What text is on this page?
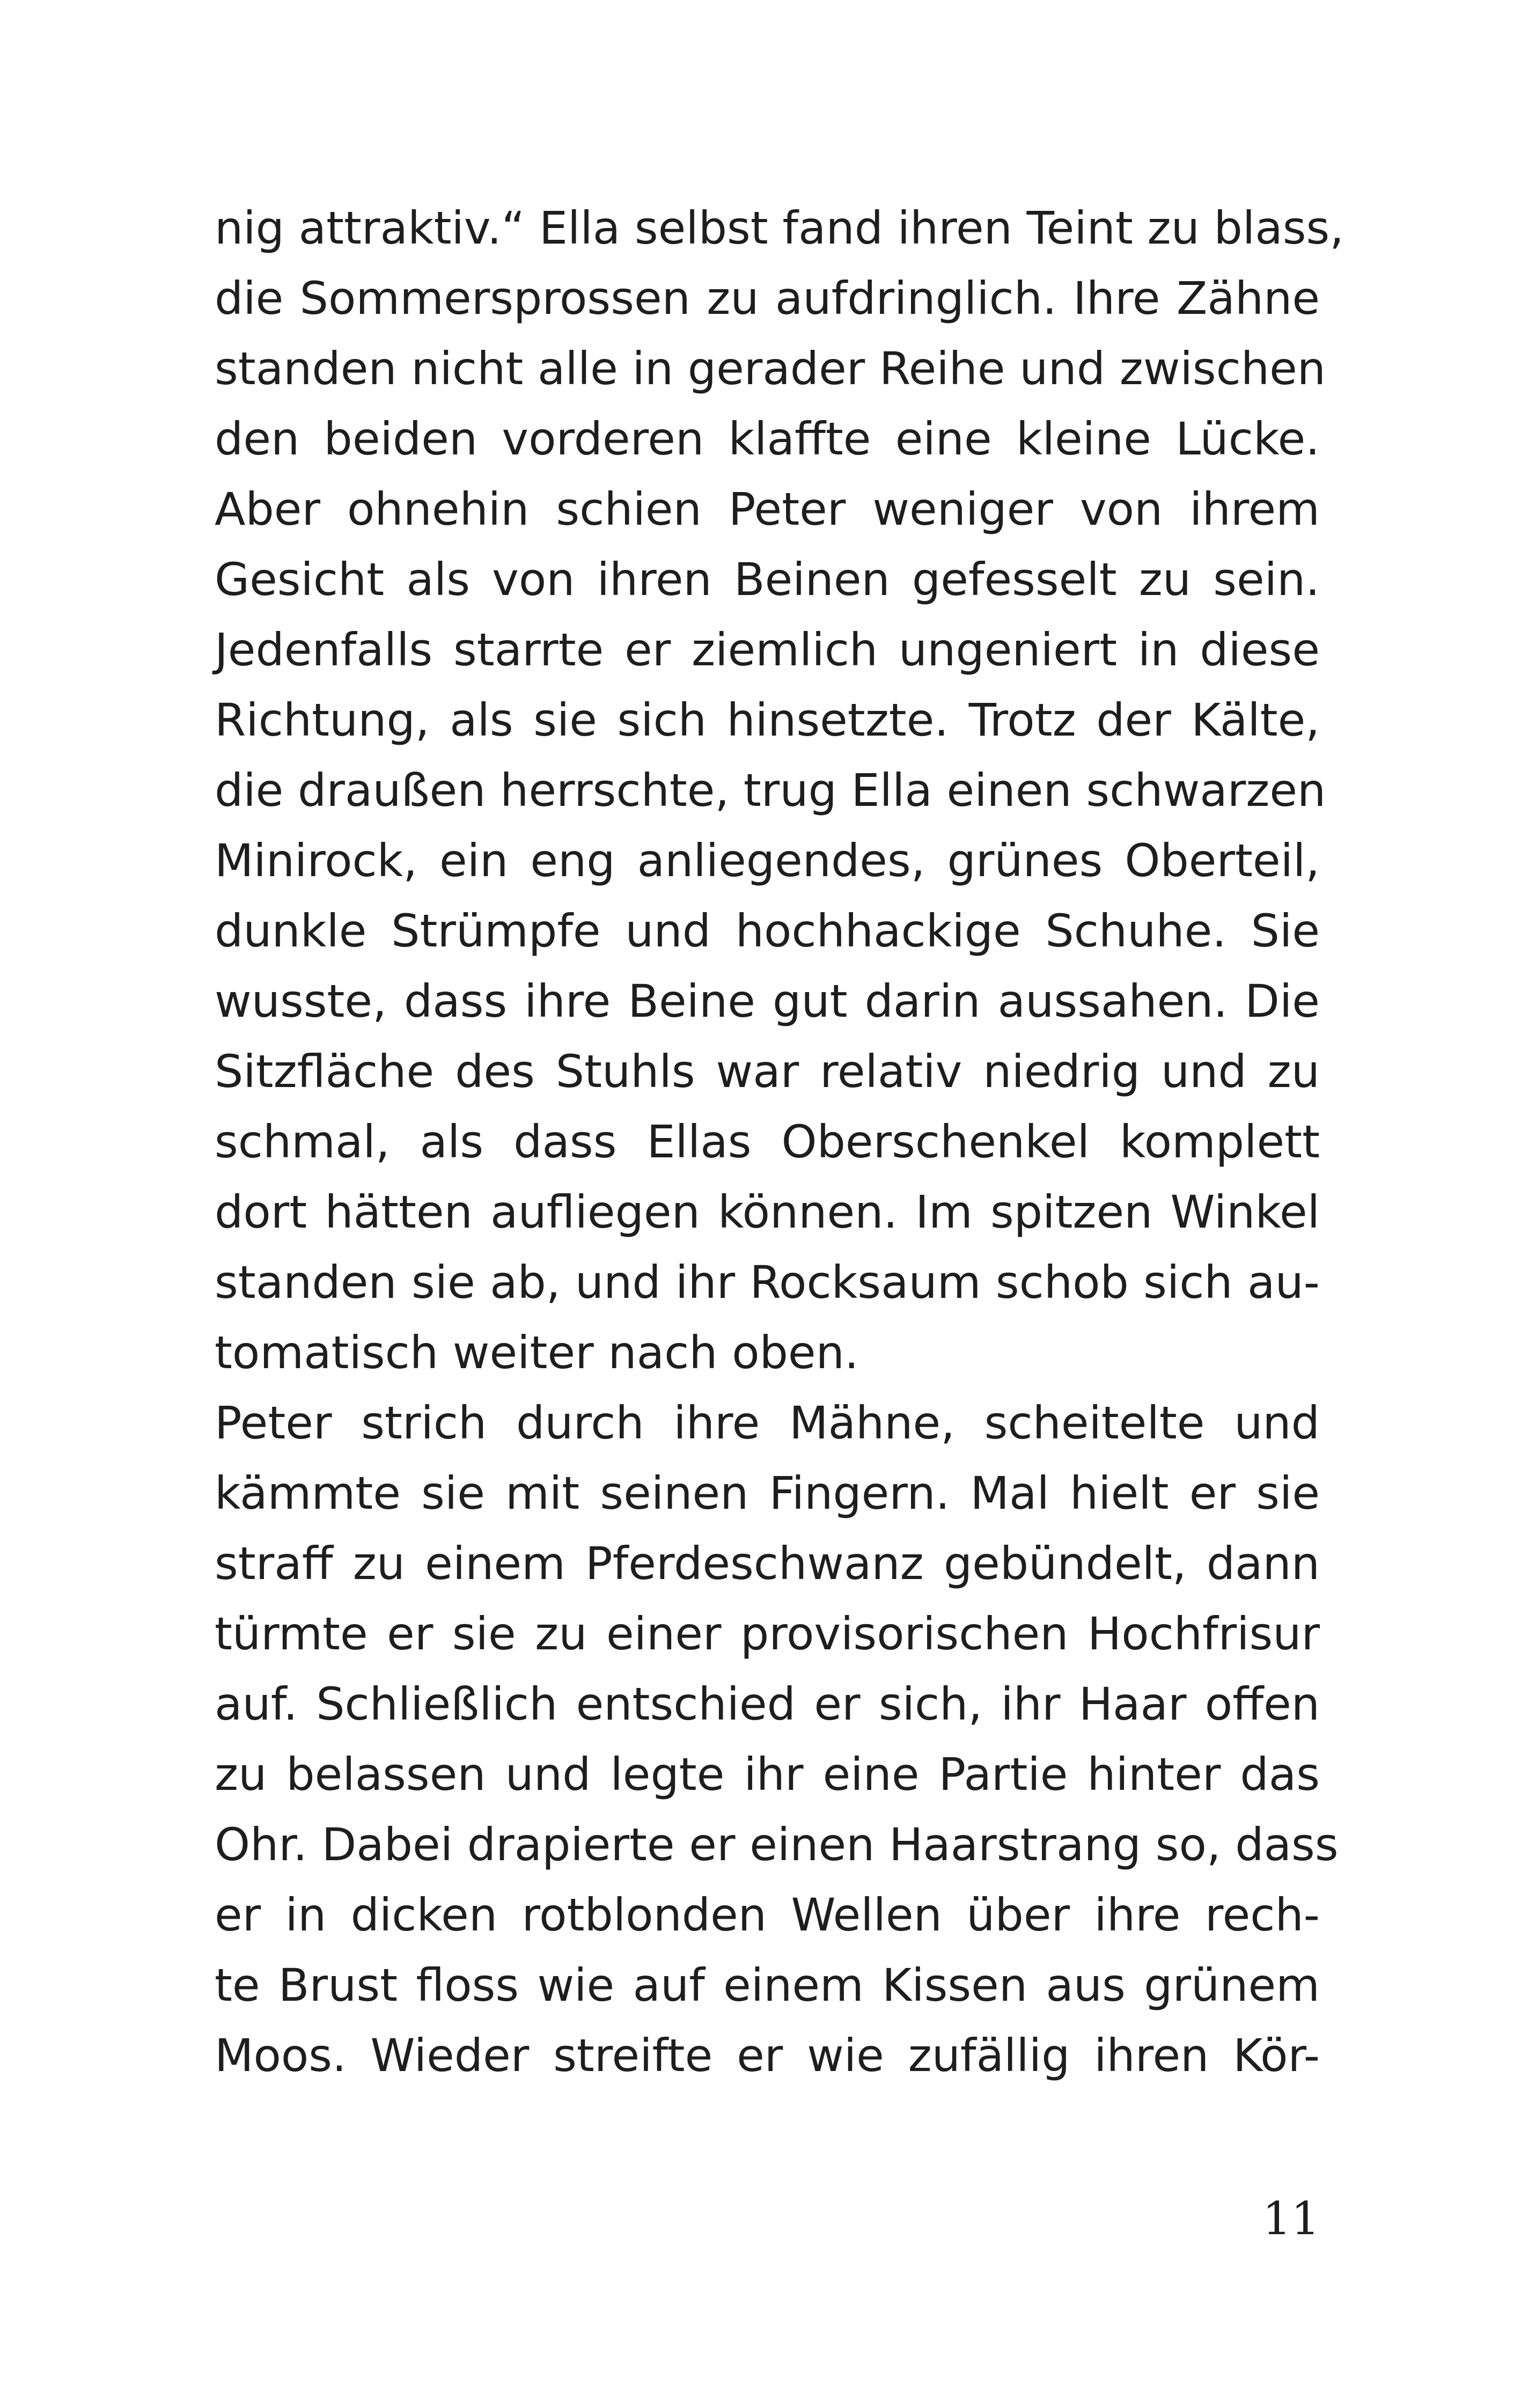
nig attraktiv.“ Ella selbst fand ihren Teint zu blass,
die Sommersprossen zu aufdringlich. Ihre Zähne
standen nicht alle in gerader Reihe und zwischen
den beiden vorderen klaffte eine kleine Lücke.
Aber ohnehin schien Peter weniger von ihrem
Gesicht als von ihren Beinen gefesselt zu sein.
Jedenfalls starrte er ziemlich ungeniert in diese
Richtung, als sie sich hinsetzte. Trotz der Kälte,
die draußen herrschte, trug Ella einen schwarzen
Minirock, ein eng anliegendes, grünes Oberteil,
dunkle Strümpfe und hochhackige Schuhe. Sie
wusste, dass ihre Beine gut darin aussahen. Die
Sitzfläche des Stuhls war relativ niedrig und zu
schmal, als dass Ellas Oberschenkel komplett
dort hätten aufliegen können. Im spitzen Winkel
standen sie ab, und ihr Rocksaum schob sich au-
tomatisch weiter nach oben.
Peter strich durch ihre Mähne, scheitelte und
kämmte sie mit seinen Fingern. Mal hielt er sie
straff zu einem Pferdeschwanz gebündelt, dann
türmte er sie zu einer provisorischen Hochfrisur
auf. Schließlich entschied er sich, ihr Haar offen
zu belassen und legte ihr eine Partie hinter das
Ohr. Dabei drapierte er einen Haarstrang so, dass
er in dicken rotblonden Wellen über ihre rech-
te Brust floss wie auf einem Kissen aus grünem
Moos. Wieder streifte er wie zufällig ihren Kör-
11
